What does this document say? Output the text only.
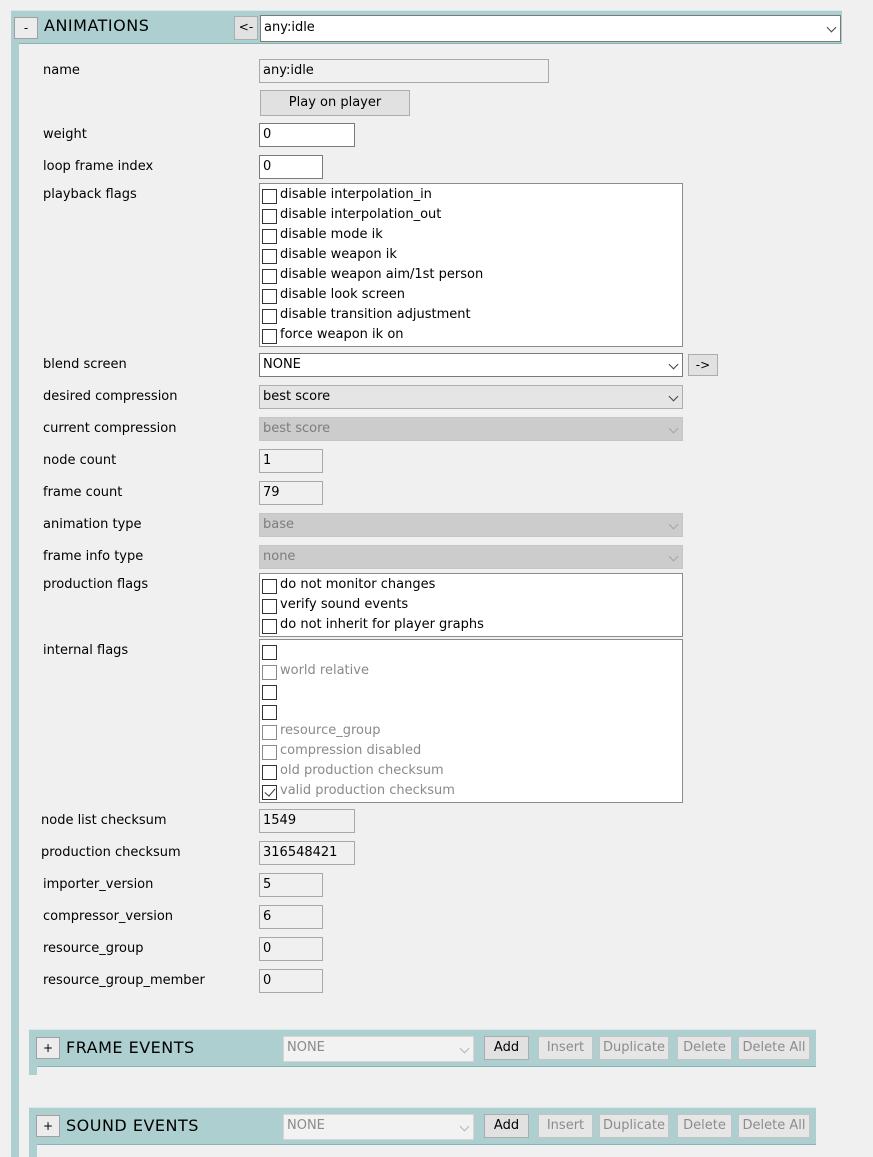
- ANIMATIONS	<- any:idle
name	any:idle
Play on player
weight	0
loop frame index	0
playback flags	disable interpolation_in
disable interpolation_out
disable mode ik
disable weapon ik
disable weapon aim/1st person
disable look screen
disable transition adjustment
force weapon ik on
blend screen	NONE	->
desired compression	best score
current compression	best score
node count	1
frame count	79
animation type	base
frame info type	none
production flags	do not monitor changes
verify sound events
do not inherit for player graphs
internal flags
world relative
resource_group
compression disabled
old production checksum
valid production checksum
node list checksum	1549
production checksum	316548421
importer_version	5
compressor_version	6
resource_group	0
resource_group_member	0
+ FRAME EVENTS	NONE	Add	Insert	Duplicate	Delete	Delete All
+ SOUND EVENTS	NONE	Add	Insert	Duplicate	Delete	Delete All
